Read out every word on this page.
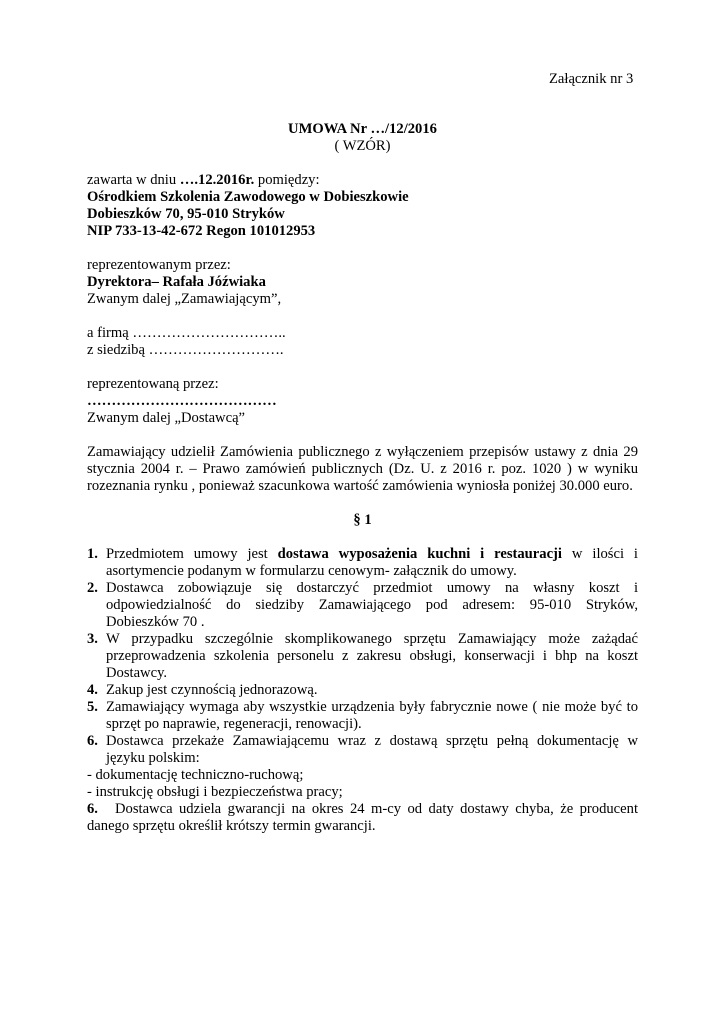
Załącznik nr 3
UMOWA Nr …/12/2016
( WZÓR)
zawarta w dniu ….12.2016r. pomiędzy:
Ośrodkiem Szkolenia Zawodowego w Dobieszkowie
Dobieszków 70, 95-010 Stryków
NIP 733-13-42-672 Regon 101012953
reprezentowanym przez:
Dyrektora– Rafała Jóźwiaka
Zwanym dalej „Zamawiającym”,
a firmą …………………………..
z siedzibą ……………………….
reprezentowaną przez:
…………………………………
Zwanym dalej „Dostawcą”
Zamawiający udzielił Zamówienia publicznego z wyłączeniem przepisów ustawy z dnia 29
stycznia 2004 r. – Prawo zamówień publicznych (Dz. U. z 2016 r. poz. 1020 ) w wyniku
rozeznania rynku , ponieważ szacunkowa wartość zamówienia wyniosła poniżej 30.000 euro.
§ 1
1. Przedmiotem umowy jest dostawa wyposażenia kuchni i restauracji w ilości i
asortymencie podanym w formularzu cenowym- załącznik do umowy.
2. Dostawca zobowiązuje się dostarczyć przedmiot umowy na własny koszt i
odpowiedzialność do siedziby Zamawiającego pod adresem: 95-010 Stryków,
Dobieszków 70 .
3. W przypadku szczególnie skomplikowanego sprzętu Zamawiający może zażądać
przeprowadzenia szkolenia personelu z zakresu obsługi, konserwacji i bhp na koszt
Dostawcy.
4. Zakup jest czynnością jednorazową.
5. Zamawiający wymaga aby wszystkie urządzenia były fabrycznie nowe ( nie może być to
sprzęt po naprawie, regeneracji, renowacji).
6. Dostawca przekaże Zamawiającemu wraz z dostawą sprzętu pełną dokumentację w
języku polskim:
- dokumentację techniczno-ruchową;
- instrukcję obsługi i bezpieczeństwa pracy;
6. Dostawca udziela gwarancji na okres 24 m-cy od daty dostawy chyba, że producent
danego sprzętu określił krótszy termin gwarancji.
